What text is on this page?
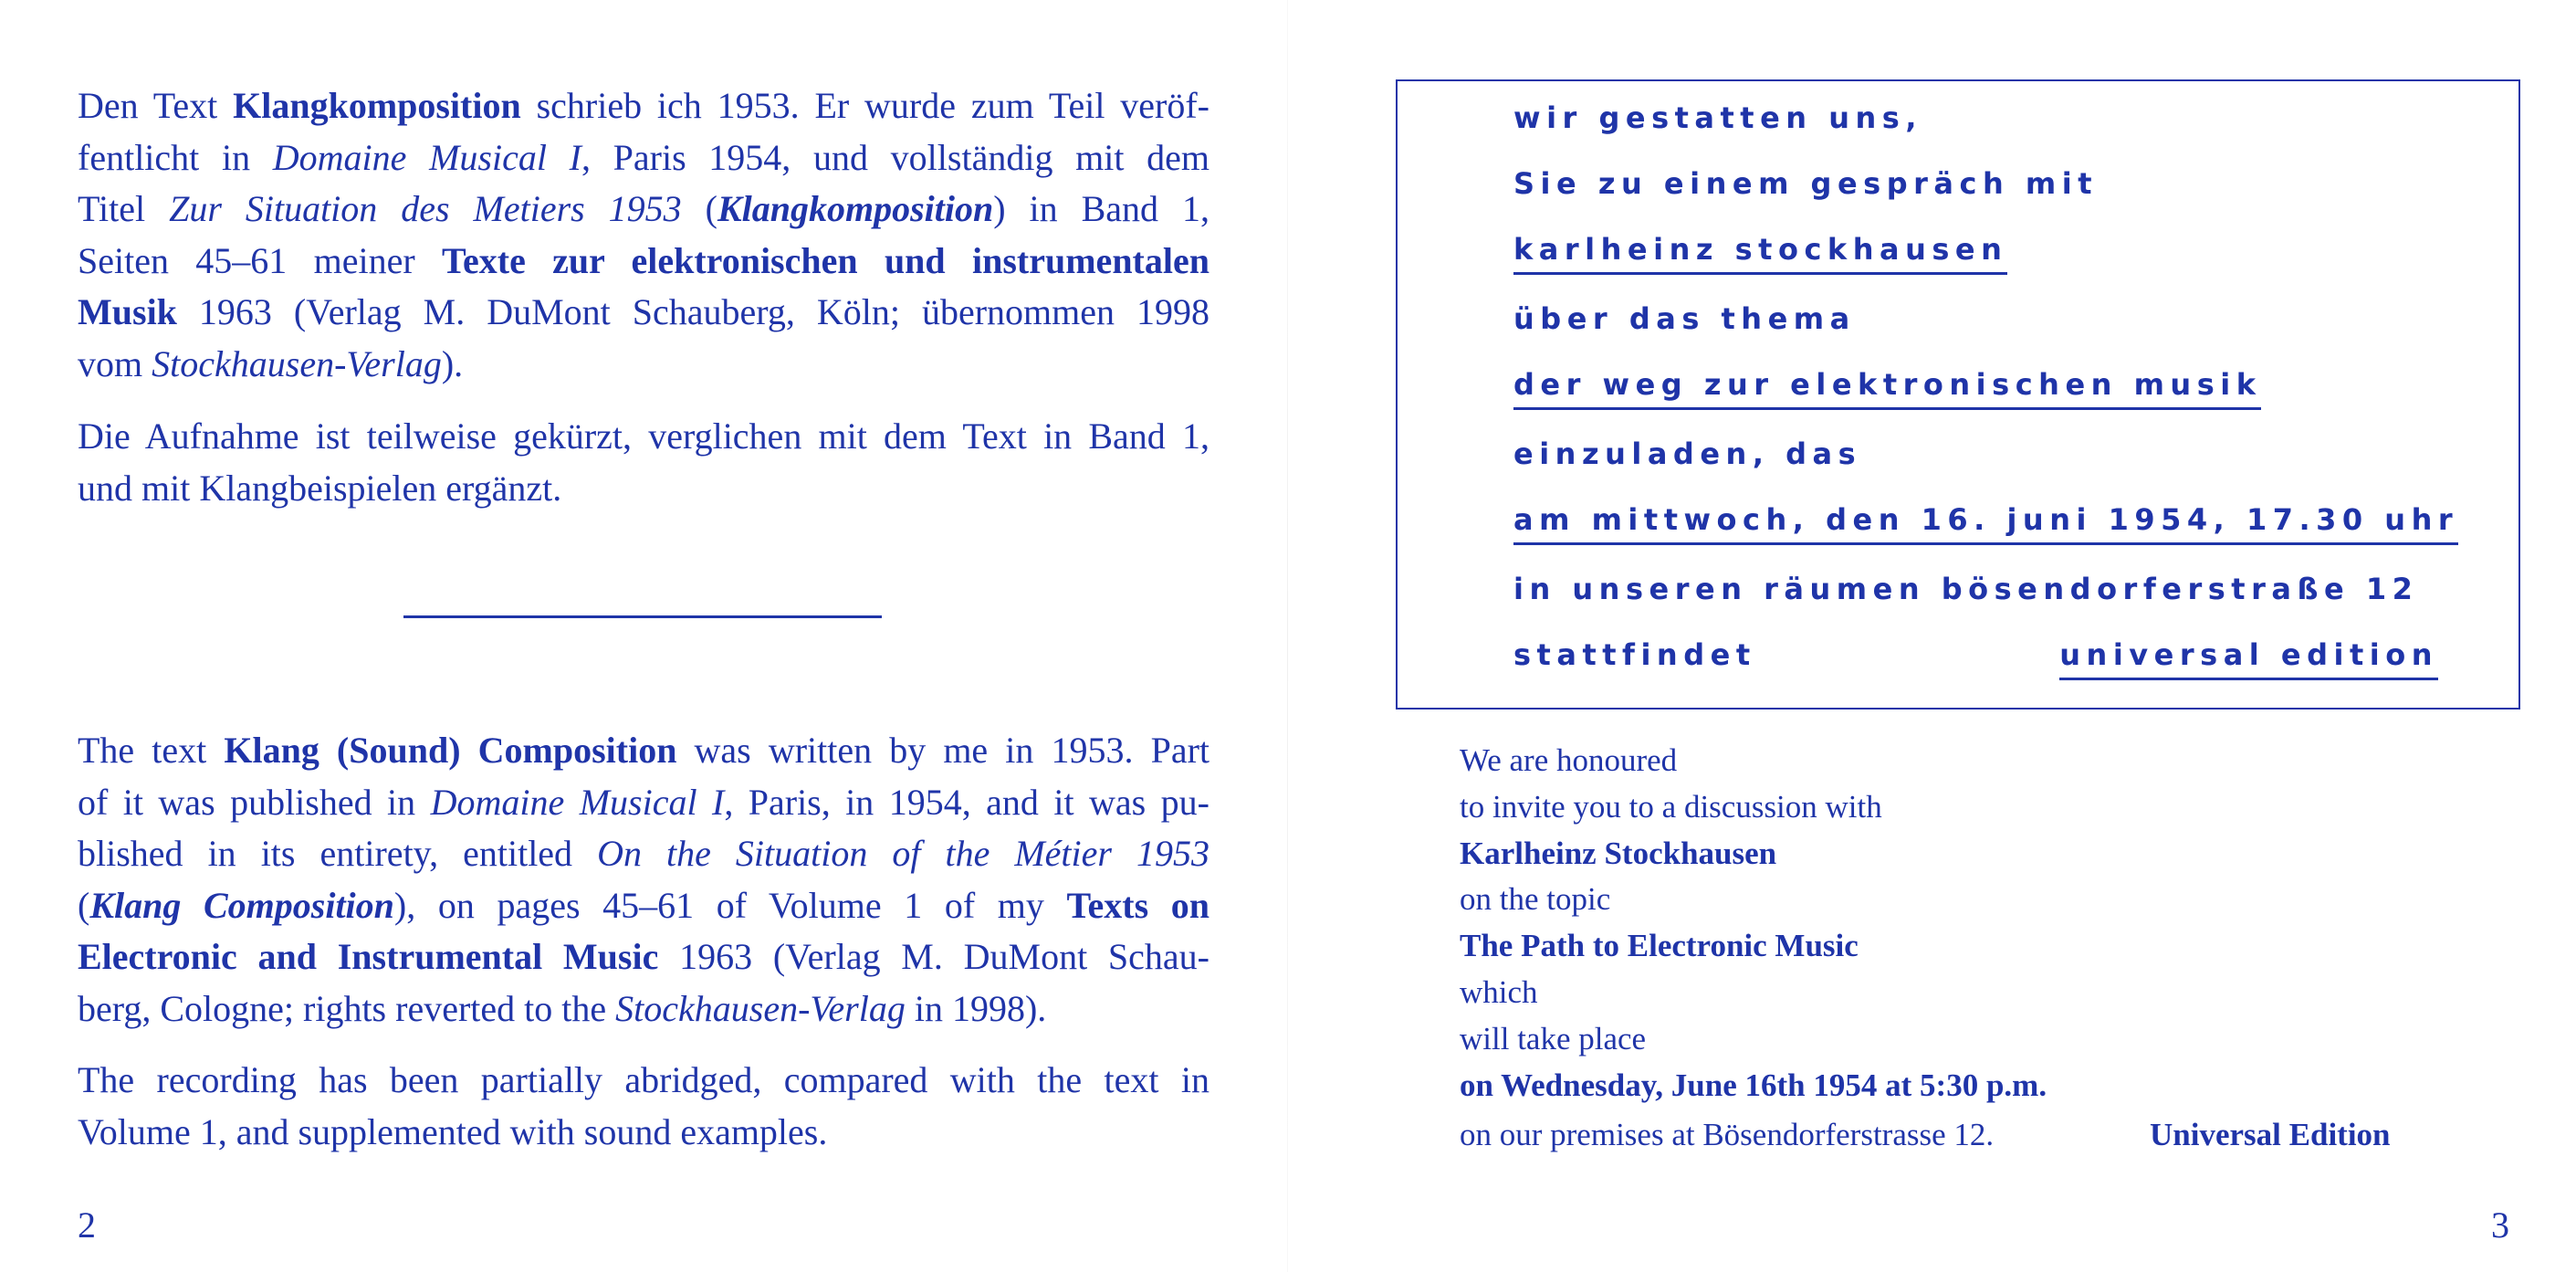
Den Text Klangkomposition schrieb ich 1953. Er wurde zum Teil veröf-
fentlicht in Domaine Musical I, Paris 1954, und vollständig mit dem
Titel Zur Situation des Metiers 1953 (Klangkomposition) in Band 1,
Seiten 45–61 meiner Texte zur elektronischen und instrumentalen
Musik 1963 (Verlag M. DuMont Schauberg, Köln; übernommen 1998
vom Stockhausen-Verlag).

Die Aufnahme ist teilweise gekürzt, verglichen mit dem Text in Band 1,
und mit Klangbeispielen ergänzt.

The text Klang (Sound) Composition was written by me in 1953. Part
of it was published in Domaine Musical I, Paris, in 1954, and it was pu-
blished in its entirety, entitled On the Situation of the Métier 1953
(Klang Composition), on pages 45–61 of Volume 1 of my Texts on
Electronic and Instrumental Music 1963 (Verlag M. DuMont Schau-
berg, Cologne; rights reverted to the Stockhausen-Verlag in 1998).

The recording has been partially abridged, compared with the text in
Volume 1, and supplemented with sound examples.

2
wir gestatten uns,
Sie zu einem gespräch mit
karlheinz stockhausen
über das thema
der weg zur elektronischen musik
einzuladen, das
am mittwoch, den 16. juni 1954, 17.30 uhr
in unseren räumen bösendorferstraße 12
stattfindet	universal edition
We are honoured
to invite you to a discussion with
Karlheinz Stockhausen
on the topic
The Path to Electronic Music
which
will take place
on Wednesday, June 16th 1954 at 5:30 p.m.
on our premises at Bösendorferstrasse 12.	Universal Edition
3
